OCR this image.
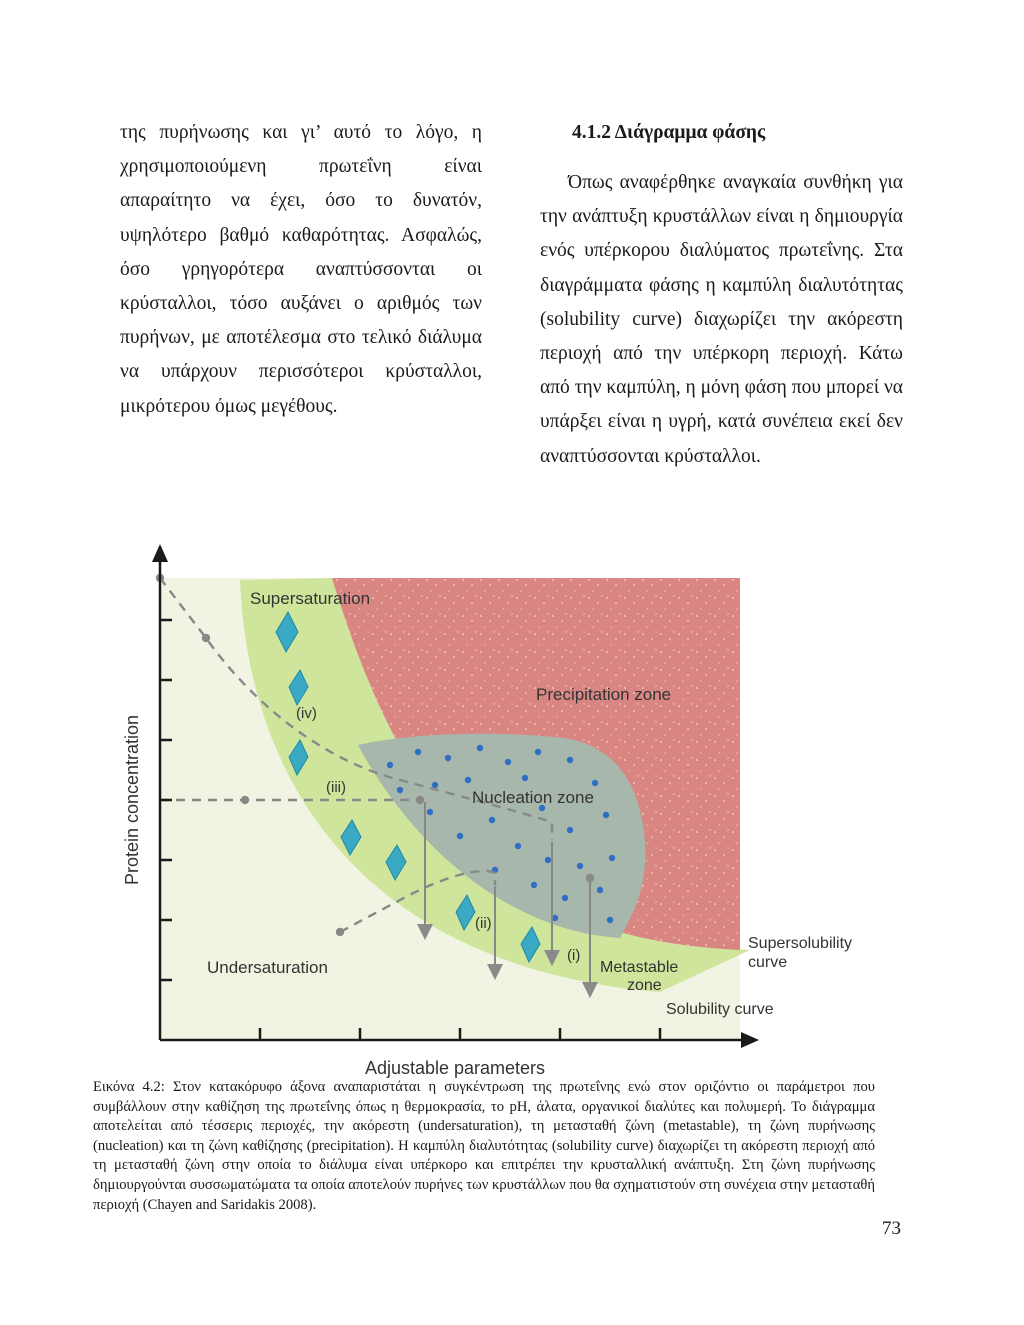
της πυρήνωσης και γι’ αυτό το λόγο, η χρησιμοποιούμενη πρωτεΐνη είναι απαραίτητο να έχει, όσο το δυνατόν, υψηλότερο βαθμό καθαρότητας. Ασφαλώς, όσο γρηγορότερα αναπτύσσονται οι κρύσταλλοι, τόσο αυξάνει ο αριθμός των πυρήνων, με αποτέλεσμα στο τελικό διάλυμα να υπάρχουν περισσότεροι κρύσταλλοι, μικρότερου όμως μεγέθους.

4.1.2 Διάγραμμα φάσης

Όπως αναφέρθηκε αναγκαία συνθήκη για την ανάπτυξη κρυστάλλων είναι η δημιουργία ενός υπέρκορου διαλύματος πρωτεΐνης. Στα διαγράμματα φάσης η καμπύλη διαλυτότητας (solubility curve) διαχωρίζει την ακόρεστη περιοχή από την υπέρκορη περιοχή. Κάτω από την καμπύλη, η μόνη φάση που μπορεί να υπάρξει είναι η υγρή, κατά συνέπεια εκεί δεν αναπτύσσονται κρύσταλλοι.

Protein concentration
Adjustable parameters
Supersaturation
Precipitation zone
Nucleation zone
Metastable
zone
Undersaturation
Supersolubility
curve
Solubility curve
(iv)
(iii)
(ii)
(i)

Εικόνα 4.2: Στον κατακόρυφο άξονα αναπαριστάται η συγκέντρωση της πρωτεΐνης ενώ στον οριζόντιο οι παράμετροι που συμβάλλουν στην καθίζηση της πρωτεΐνης όπως η θερμοκρασία, το pH, άλατα, οργανικοί διαλύτες και πολυμερή. Το διάγραμμα αποτελείται από τέσσερις περιοχές, την ακόρεστη (undersaturation), τη μετασταθή ζώνη (metastable), τη ζώνη πυρήνωσης (nucleation) και τη ζώνη καθίζησης (precipitation). Η καμπύλη διαλυτότητας (solubility curve) διαχωρίζει τη ακόρεστη περιοχή από τη μετασταθή ζώνη στην οποία το διάλυμα είναι υπέρκορο και επιτρέπει την κρυσταλλική ανάπτυξη. Στη ζώνη πυρήνωσης δημιουργούνται συσσωματώματα τα οποία αποτελούν πυρήνες των κρυστάλλων που θα σχηματιστούν στη συνέχεια στην μετασταθή περιοχή (Chayen and Saridakis 2008).

73
